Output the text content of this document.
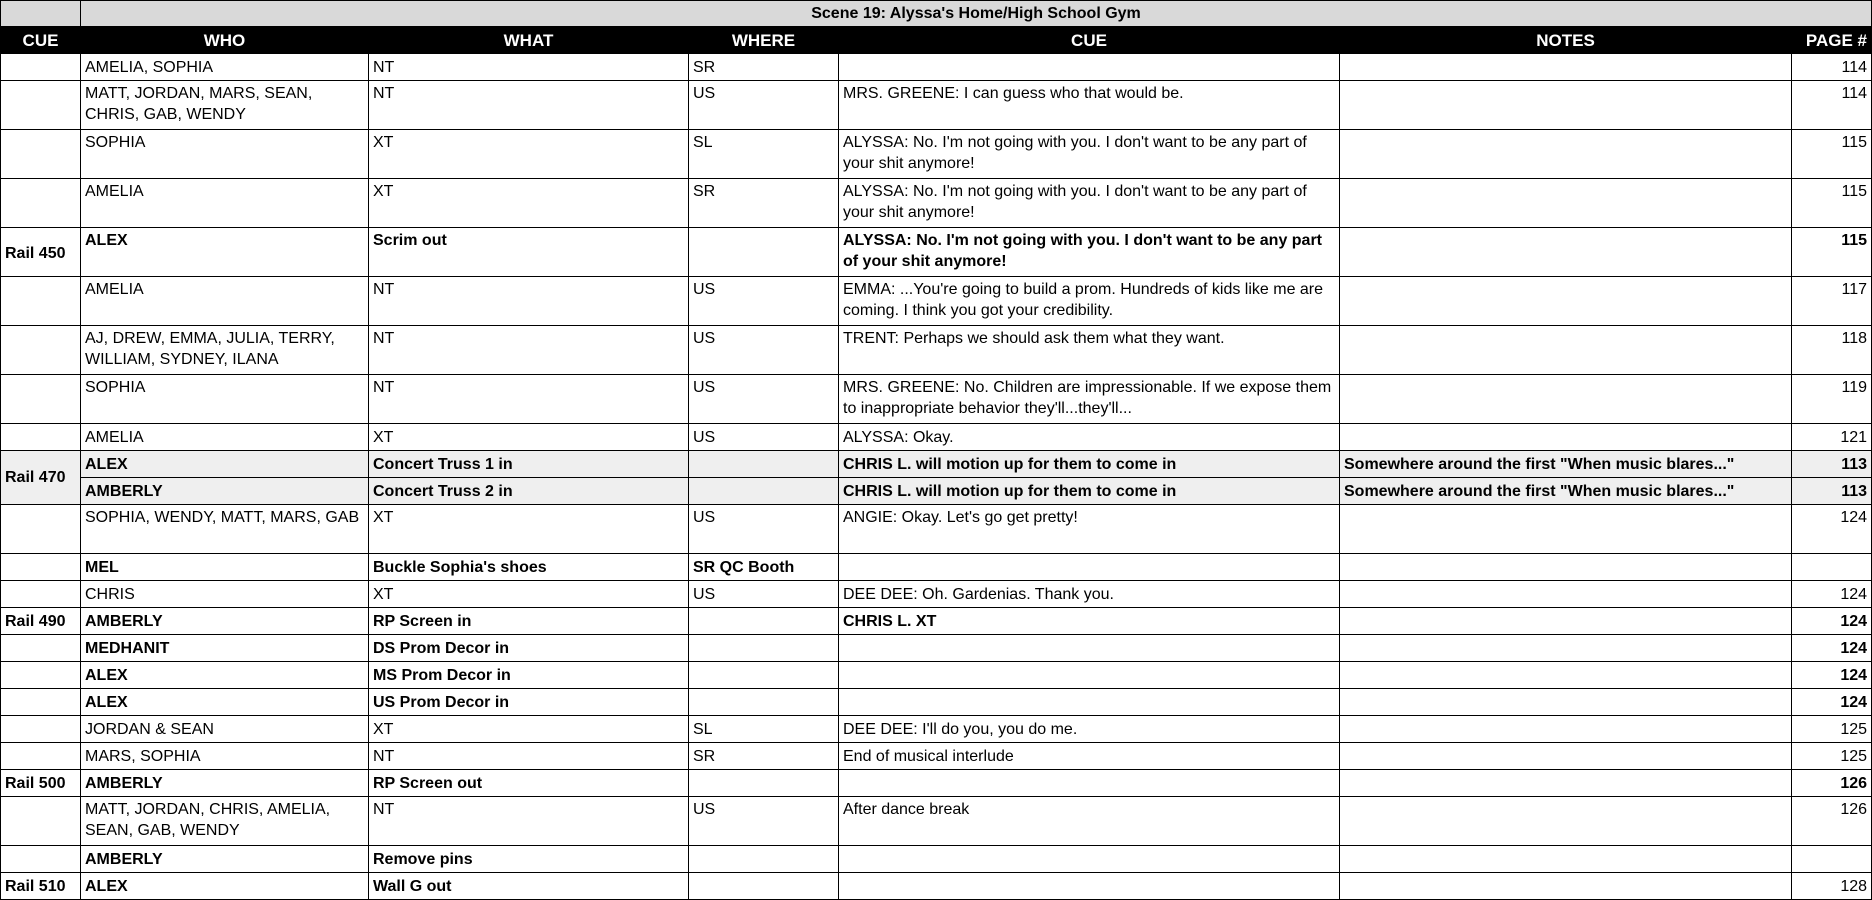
	Scene 19: Alyssa's Home/High School Gym					
CUE	WHO	WHAT	WHERE	CUE	NOTES	PAGE #
	AMELIA, SOPHIA	NT	SR			114
	MATT, JORDAN, MARS, SEAN, CHRIS, GAB, WENDY	NT	US	MRS. GREENE: I can guess who that would be.		114
	SOPHIA	XT	SL	ALYSSA: No. I'm not going with you. I don't want to be any part of your shit anymore!		115
	AMELIA	XT	SR	ALYSSA: No. I'm not going with you. I don't want to be any part of your shit anymore!		115
Rail 450	ALEX	Scrim out		ALYSSA: No. I'm not going with you. I don't want to be any part of your shit anymore!		115
	AMELIA	NT	US	EMMA: ...You're going to build a prom. Hundreds of kids like me are coming. I think you got your credibility.		117
	AJ, DREW, EMMA, JULIA, TERRY, WILLIAM, SYDNEY, ILANA	NT	US	TRENT: Perhaps we should ask them what they want.		118
	SOPHIA	NT	US	MRS. GREENE: No. Children are impressionable. If we expose them to inappropriate behavior they'll...they'll...		119
	AMELIA	XT	US	ALYSSA: Okay.		121
Rail 470	ALEX	Concert Truss 1 in		CHRIS L. will motion up for them to come in	Somewhere around the first "When music blares..."	113
	AMBERLY	Concert Truss 2 in		CHRIS L. will motion up for them to come in	Somewhere around the first "When music blares..."	113
	SOPHIA, WENDY, MATT, MARS, GAB	XT	US	ANGIE: Okay. Let's go get pretty!		124
	MEL	Buckle Sophia's shoes	SR QC Booth			
	CHRIS	XT	US	DEE DEE: Oh. Gardenias. Thank you.		124
Rail 490	AMBERLY	RP Screen in		CHRIS L. XT		124
	MEDHANIT	DS Prom Decor in				124
	ALEX	MS Prom Decor in				124
	ALEX	US Prom Decor in				124
	JORDAN & SEAN	XT	SL	DEE DEE: I'll do you, you do me.		125
	MARS, SOPHIA	NT	SR	End of musical interlude		125
Rail 500	AMBERLY	RP Screen out				126
	MATT, JORDAN, CHRIS, AMELIA, SEAN, GAB, WENDY	NT	US	After dance break		126
	AMBERLY	Remove pins				
Rail 510	ALEX	Wall G out				128
